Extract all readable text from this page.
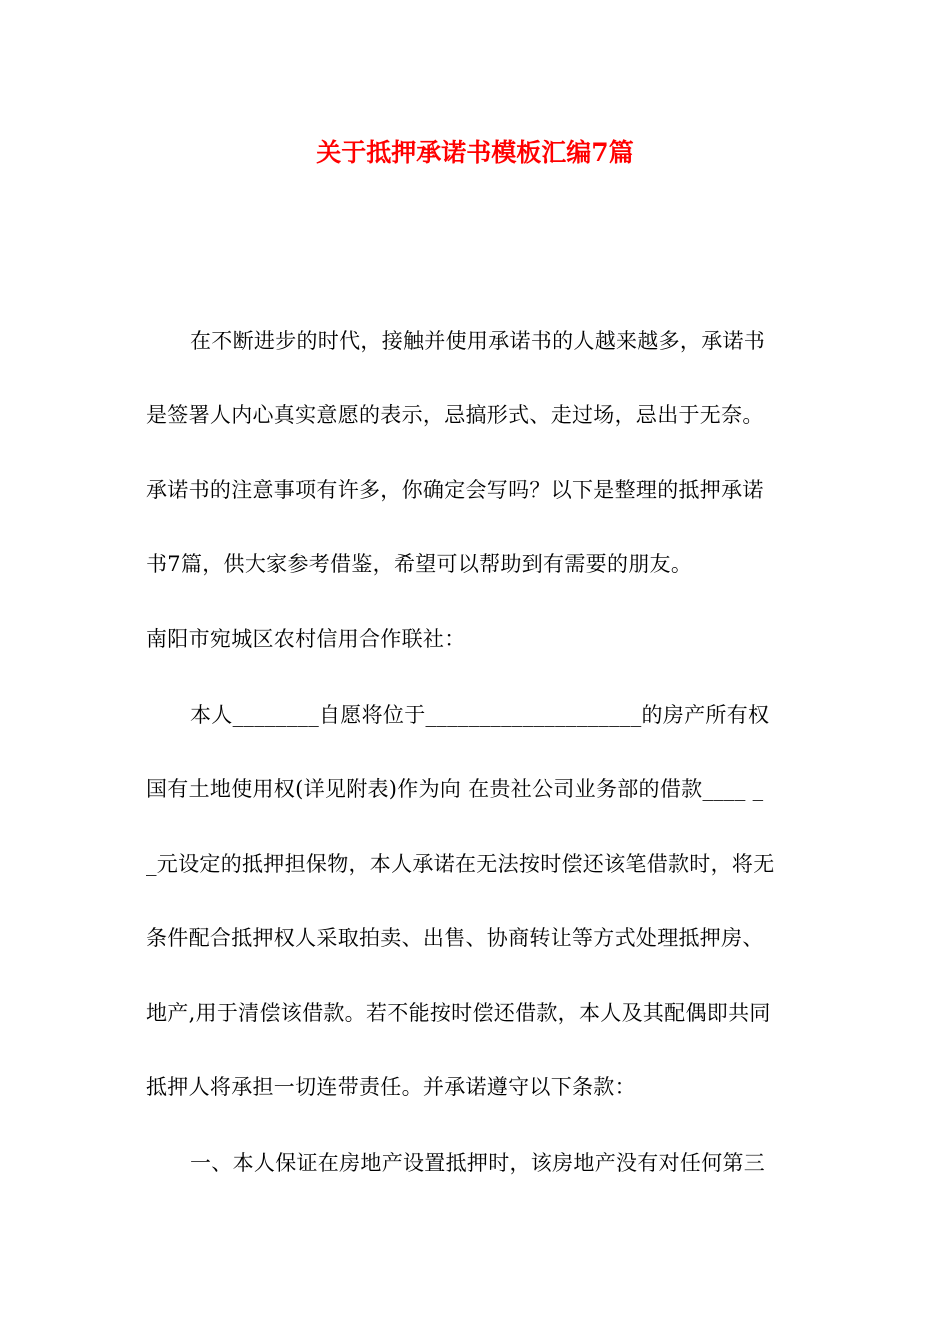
关于抵押承诺书模板汇编7篇
在不断进步的时代，接触并使用承诺书的人越来越多，承诺书
是签署人内心真实意愿的表示，忌搞形式、走过场，忌出于无奈。
承诺书的注意事项有许多，你确定会写吗？以下是整理的抵押承诺
书7篇，供大家参考借鉴，希望可以帮助到有需要的朋友。
南阳市宛城区农村信用合作联社：
本人________自愿将位于____________________的房产所有权
国有土地使用权(详见附表)作为向 在贵社公司业务部的借款____ _
_元设定的抵押担保物，本人承诺在无法按时偿还该笔借款时，将无
条件配合抵押权人采取拍卖、出售、协商转让等方式处理抵押房、
地产,用于清偿该借款。若不能按时偿还借款，本人及其配偶即共同
抵押人将承担一切连带责任。并承诺遵守以下条款：
一、本人保证在房地产设置抵押时，该房地产没有对任何第三
